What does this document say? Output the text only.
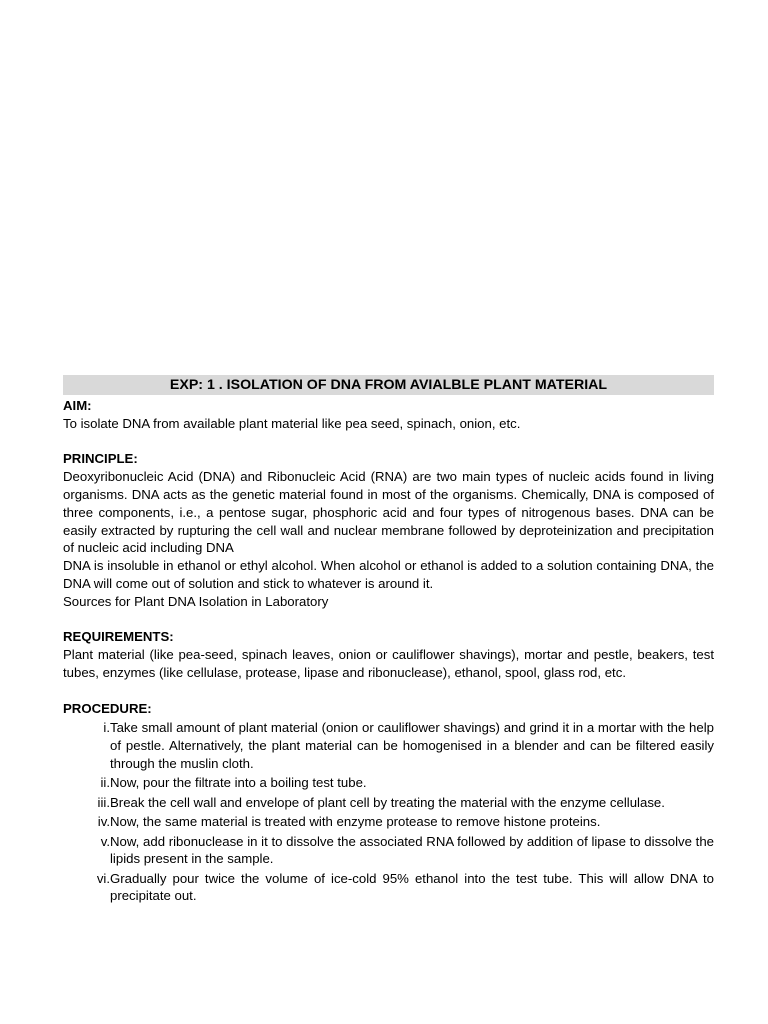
EXP: 1 . ISOLATION OF DNA FROM AVIALBLE PLANT MATERIAL
AIM:

To isolate DNA from available plant material like pea seed, spinach, onion, etc.

PRINCIPLE:

Deoxyribonucleic Acid (DNA) and Ribonucleic Acid (RNA) are two main types of nucleic acids found in living organisms. DNA acts as the genetic material found in most of the organisms. Chemically, DNA is composed of three components, i.e., a pentose sugar, phosphoric acid and four types of nitrogenous bases. DNA can be easily extracted by rupturing the cell wall and nuclear membrane followed by deproteinization and precipitation of nucleic acid including DNA

DNA is insoluble in ethanol or ethyl alcohol. When alcohol or ethanol is added to a solution containing DNA, the DNA will come out of solution and stick to whatever is around it.

Sources for Plant DNA Isolation in Laboratory

REQUIREMENTS:

Plant material (like pea-seed, spinach leaves, onion or cauliflower shavings), mortar and pestle, beakers, test tubes, enzymes (like cellulase, protease, lipase and ribonuclease), ethanol, spool, glass rod, etc.

PROCEDURE:
i. Take small amount of plant material (onion or cauliflower shavings) and grind it in a mortar with the help of pestle. Alternatively, the plant material can be homogenised in a blender and can be filtered easily through the muslin cloth.
ii. Now, pour the filtrate into a boiling test tube.
iii. Break the cell wall and envelope of plant cell by treating the material with the enzyme cellulase.
iv. Now, the same material is treated with enzyme protease to remove histone proteins.
v. Now, add ribonuclease in it to dissolve the associated RNA followed by addition of lipase to dissolve the lipids present in the sample.
vi. Gradually pour twice the volume of ice-cold 95% ethanol into the test tube. This will allow DNA to precipitate out.
